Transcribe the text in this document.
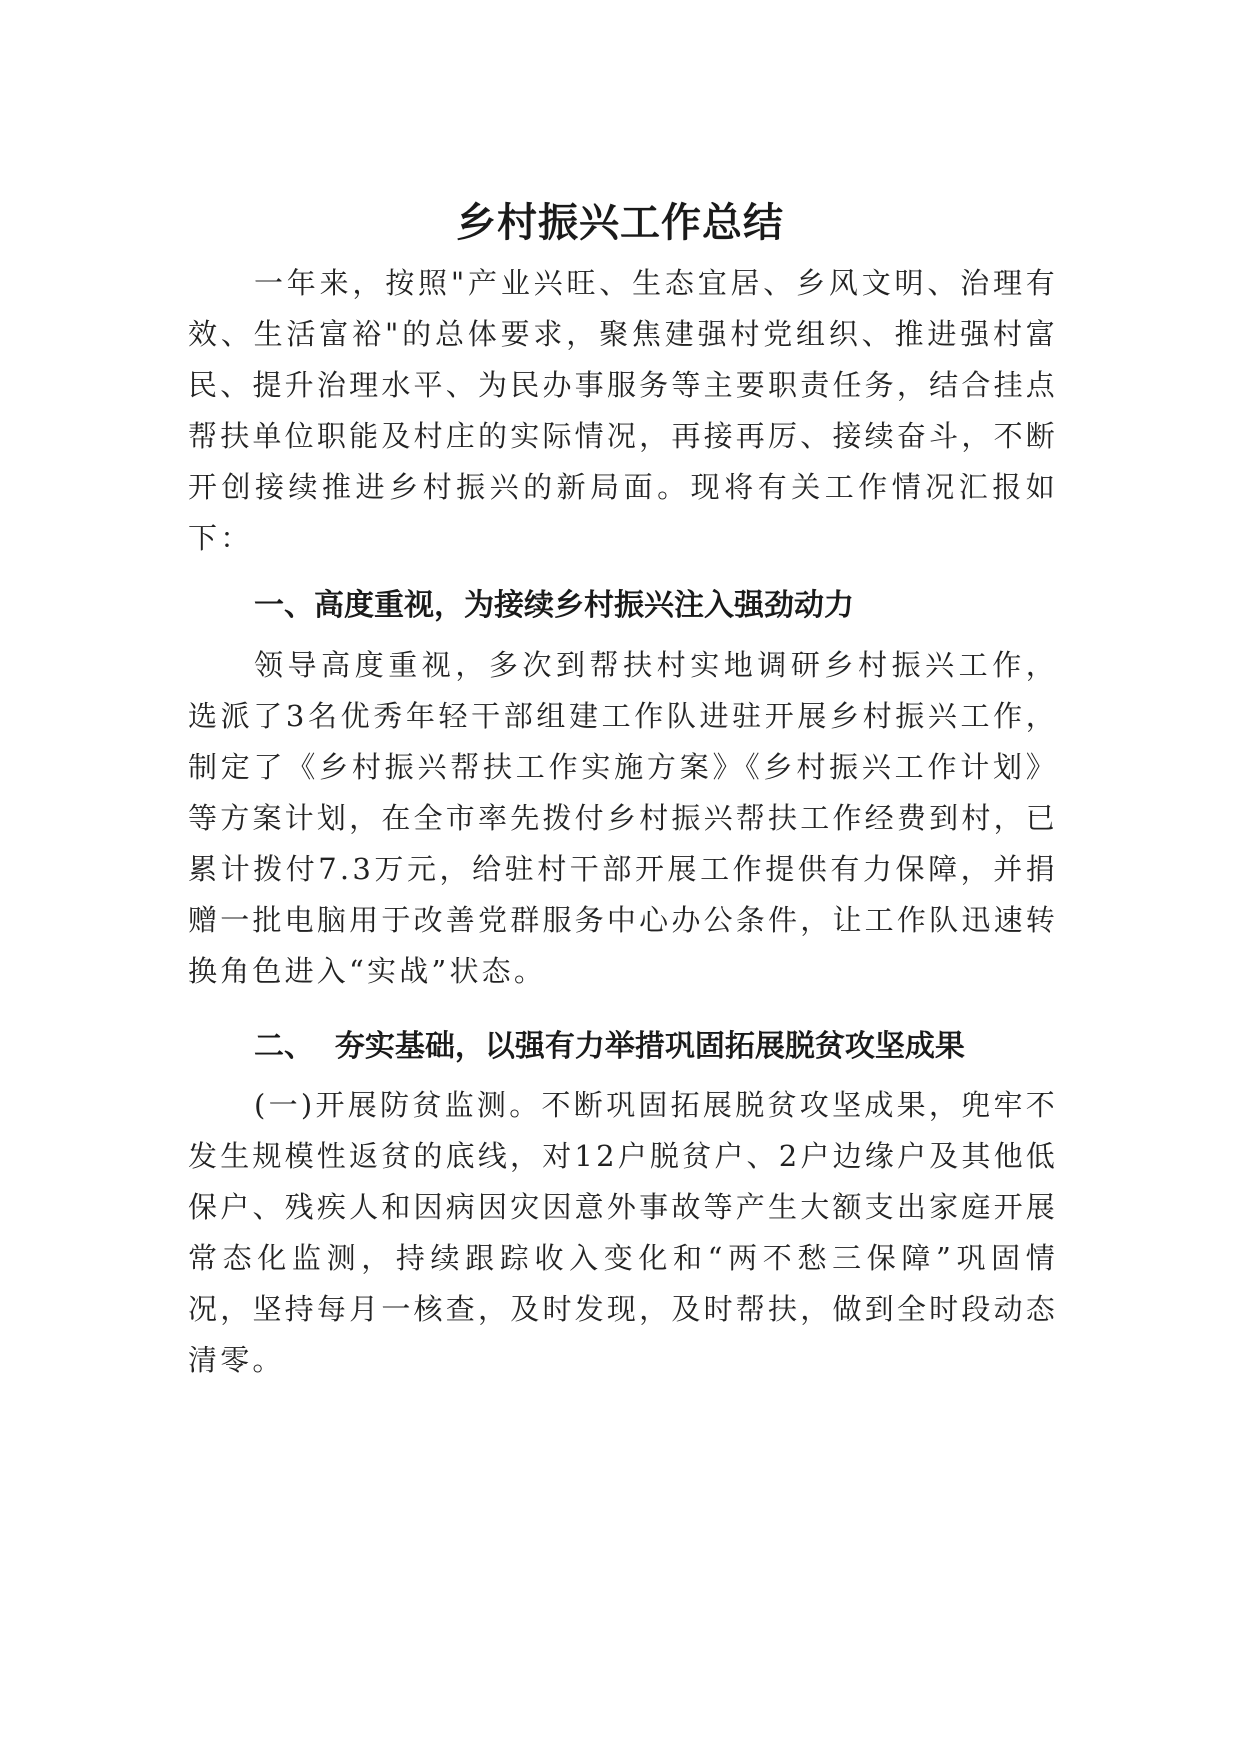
乡村振兴工作总结

一年来，按照"产业兴旺、生态宜居、乡风文明、治理有效、生活富裕"的总体要求，聚焦建强村党组织、推进强村富民、提升治理水平、为民办事服务等主要职责任务，结合挂点帮扶单位职能及村庄的实际情况，再接再厉、接续奋斗，不断开创接续推进乡村振兴的新局面。现将有关工作情况汇报如下：

一、高度重视，为接续乡村振兴注入强劲动力

领导高度重视，多次到帮扶村实地调研乡村振兴工作，选派了3名优秀年轻干部组建工作队进驻开展乡村振兴工作，制定了《乡村振兴帮扶工作实施方案》《乡村振兴工作计划》等方案计划，在全市率先拨付乡村振兴帮扶工作经费到村，已累计拨付7.3万元，给驻村干部开展工作提供有力保障，并捐赠一批电脑用于改善党群服务中心办公条件，让工作队迅速转换角色进入“实战”状态。

二、  夯实基础，以强有力举措巩固拓展脱贫攻坚成果

(一)开展防贫监测。不断巩固拓展脱贫攻坚成果，兜牢不发生规模性返贫的底线，对12户脱贫户、2户边缘户及其他低保户、残疾人和因病因灾因意外事故等产生大额支出家庭开展常态化监测，持续跟踪收入变化和“两不愁三保障”巩固情况，坚持每月一核查，及时发现，及时帮扶，做到全时段动态清零。
